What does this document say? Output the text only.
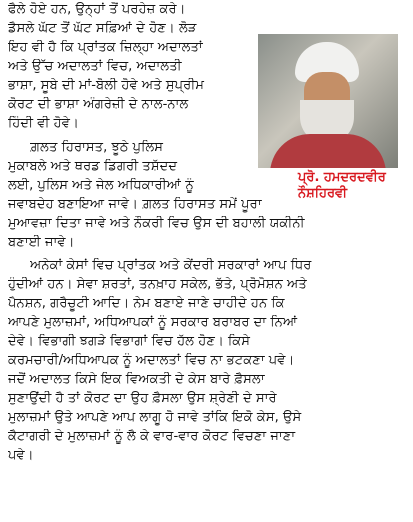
ਫੈਲੇ ਹੋਏ ਹਨ, ਉਨ੍ਹਾਂ ਤੋਂ ਪਰਹੇਜ਼ ਕਰੇ।
ਡੈਸਲੇ ਘੱਟ ਤੋਂ ਘੱਟ ਸਫ਼ਿਆਂ ਦੇ ਹੋਣ। ਲੋੜ
ਇਹ ਵੀ ਹੈ ਕਿ ਪ੍ਰਾਂਤਕ ਜ਼ਿਲ੍ਹਾ ਅਦਾਲਤਾਂ
ਅਤੇ ਉੱਚ ਅਦਾਲਤਾਂ ਵਿਚ, ਅਦਾਲਤੀ
ਭਾਸ਼ਾ, ਸੂਬੇ ਦੀ ਮਾਂ-ਬੋਲੀ ਹੋਵੇ ਅਤੇ ਸੁਪ੍ਰੀਮ
ਕੋਰਟ ਦੀ ਭਾਸ਼ਾ ਅੰਗਰੇਜ਼ੀ ਦੇ ਨਾਲ-ਨਾਲ
ਹਿੰਦੀ ਵੀ ਹੋਵੇ।
ਗ਼ਲਤ ਹਿਰਾਸਤ, ਝੂਠੇ ਪੁਲਿਸ
ਮੁਕਾਬਲੇ ਅਤੇ ਥਰਡ ਡਿਗਰੀ ਤਸ਼ੱਦਦ
ਲਈ, ਪੁਲਿਸ ਅਤੇ ਜੇਲ ਅਧਿਕਾਰੀਆਂ ਨੂੰ
ਜਵਾਬਦੇਹ ਬਣਾਇਆ ਜਾਵੇ। ਗ਼ਲਤ ਹਿਰਾਸਤ ਸਮੇਂ ਪੂਰਾ
ਮੁਆਵਜ਼ਾ ਦਿਤਾ ਜਾਵੇ ਅਤੇ ਨੌਕਰੀ ਵਿਚ ਉਸ ਦੀ ਬਹਾਲੀ ਯਕੀਨੀ
ਬਣਾਈ ਜਾਵੇ।
ਅਨੇਕਾਂ ਕੇਸਾਂ ਵਿਚ ਪ੍ਰਾਂਤਕ ਅਤੇ ਕੇਂਦਰੀ ਸਰਕਾਰਾਂ ਆਪ ਧਿਰ
ਹੁੰਦੀਆਂ ਹਨ। ਸੇਵਾ ਸ਼ਰਤਾਂ, ਤਨਖ਼ਾਹ ਸਕੇਲ, ਭੱਤੇ, ਪ੍ਰੋਮੋਸ਼ਨ ਅਤੇ
ਪੈਨਸ਼ਨ, ਗਰੈਚੂਟੀ ਆਦਿ। ਨੇਮ ਬਣਾਏ ਜਾਣੇ ਚਾਹੀਦੇ ਹਨ ਕਿ
ਆਪਣੇ ਮੁਲਾਜ਼ਮਾਂ, ਅਧਿਆਪਕਾਂ ਨੂੰ ਸਰਕਾਰ ਬਰਾਬਰ ਦਾ ਨਿਆਂ
ਦੇਵੇ। ਵਿਭਾਗੀ ਝਗੜੇ ਵਿਭਾਗਾਂ ਵਿਚ ਹੱਲ ਹੋਣ। ਕਿਸੇ
ਕਰਮਚਾਰੀ/ਅਧਿਆਪਕ ਨੂੰ ਅਦਾਲਤਾਂ ਵਿਚ ਨਾ ਭਟਕਣਾ ਪਵੇ।
ਜਦੋਂ ਅਦਾਲਤ ਕਿਸੇ ਇਕ ਵਿਅਕਤੀ ਦੇ ਕੇਸ ਬਾਰੇ ਫ਼ੈਸਲਾ
ਸੁਣਾਉਂਦੀ ਹੈ ਤਾਂ ਕੋਰਟ ਦਾ ਉਹ ਫ਼ੈਸਲਾ ਉਸ ਸ਼੍ਰੇਣੀ ਦੇ ਸਾਰੇ
ਮੁਲਾਜ਼ਮਾਂ ਉਤੇ ਆਪਣੇ ਆਪ ਲਾਗੂ ਹੋ ਜਾਵੇ ਤਾਂਕਿ ਇਕੋ ਕੇਸ, ਉਸੇ
ਕੈਟਾਗਰੀ ਦੇ ਮੁਲਾਜ਼ਮਾਂ ਨੂੰ ਲੈ ਕੇ ਵਾਰ-ਵਾਰ ਕੋਰਟ ਵਿਚਣਾ ਜਾਣਾ
ਪਵੇ।
ਪ੍ਰੋ. ਹਮਦਰਦਵੀਰ
ਨੌਸ਼ਹਿਰਵੀ
